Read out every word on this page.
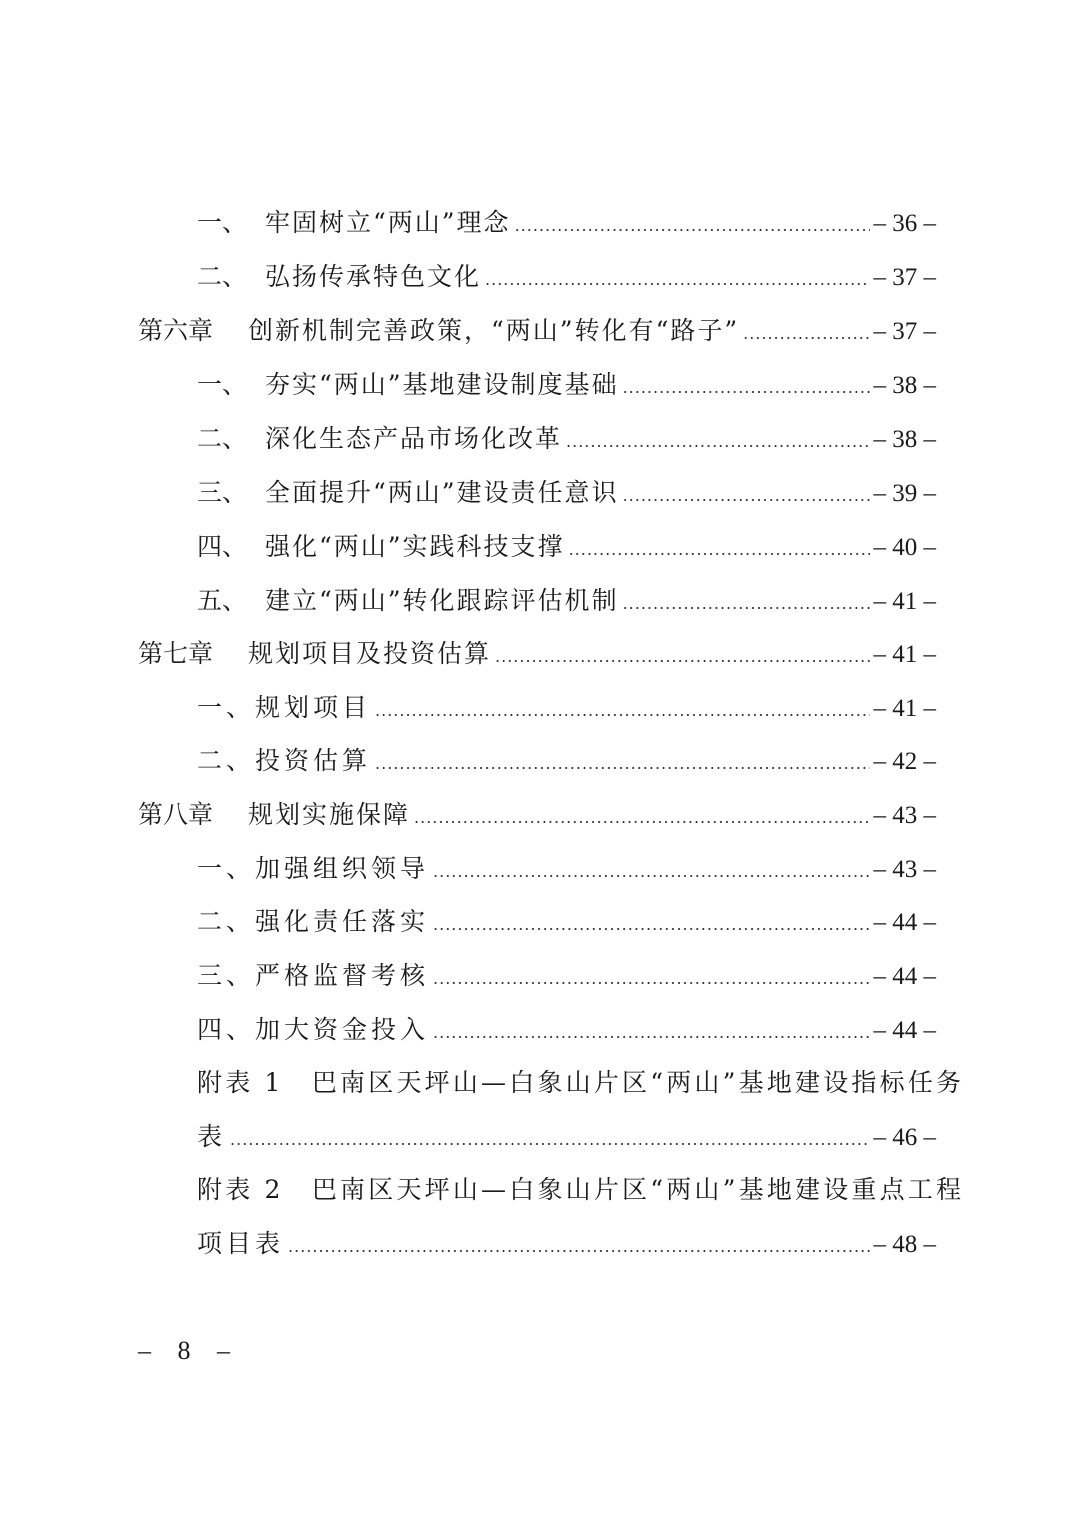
一、 牢固树立“两山”理念 .....	– 36 –
二、 弘扬传承特色文化 .....	– 37 –
第六章	创新机制完善政策，“两山”转化有“路子” .....	– 37 –
一、 夯实“两山”基地建设制度基础 .....	– 38 –
二、 深化生态产品市场化改革 .....	– 38 –
三、 全面提升“两山”建设责任意识 .....	– 39 –
四、 强化“两山”实践科技支撑 .....	– 40 –
五、 建立“两山”转化跟踪评估机制 .....	– 41 –
第七章	规划项目及投资估算 .....	– 41 –
一、规划项目 .....	– 41 –
二、投资估算 .....	– 42 –
第八章	规划实施保障 .....	– 43 –
一、加强组织领导 .....	– 43 –
二、强化责任落实 .....	– 44 –
三、严格监督考核 .....	– 44 –
四、加大资金投入 .....	– 44 –
附表 1　巴南区天坪山—白象山片区“两山”基地建设指标任务
表 .....	– 46 –
附表 2　巴南区天坪山—白象山片区“两山”基地建设重点工程
项目表 .....	– 48 –
– 8 –
